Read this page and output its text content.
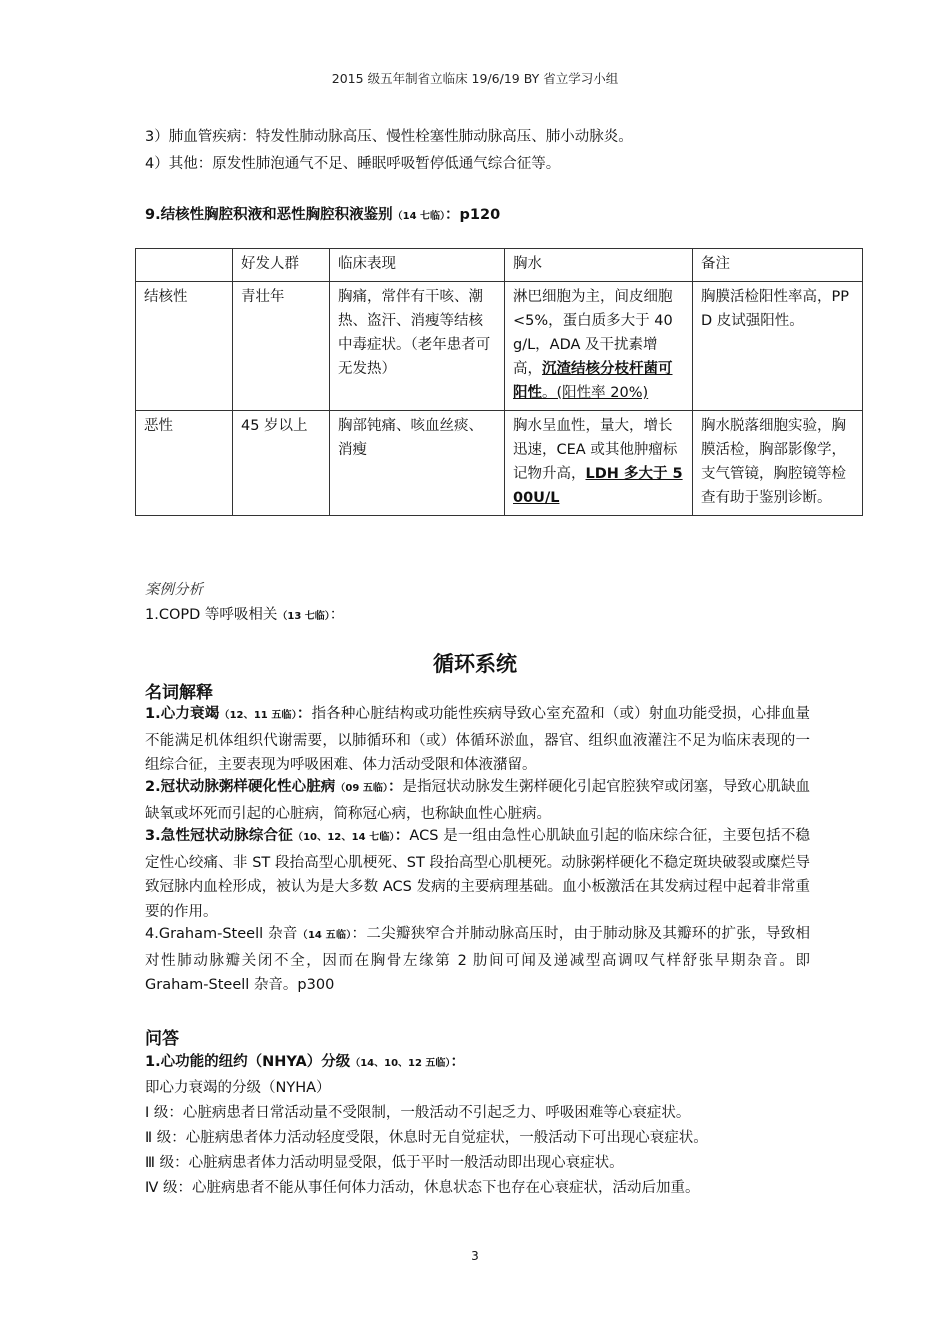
2015 级五年制省立临床 19/6/19 BY 省立学习小组
3）肺血管疾病：特发性肺动脉高压、慢性栓塞性肺动脉高压、肺小动脉炎。
4）其他：原发性肺泡通气不足、睡眠呼吸暂停低通气综合征等。
9.结核性胸腔积液和恶性胸腔积液鉴别（14 七临）：p120
	好发人群	临床表现	胸水	备注
结核性	青壮年	胸痛，常伴有干咳、潮热、盗汗、消瘦等结核中毒症状。（老年患者可无发热）	淋巴细胞为主，间皮细胞<5%，蛋白质多大于 40g/L，ADA 及干扰素增高，沉渣结核分枝杆菌可阳性。(阳性率 20%)	胸膜活检阳性率高，PPD 皮试强阳性。
恶性	45 岁以上	胸部钝痛、咳血丝痰、消瘦	胸水呈血性，量大，增长迅速，CEA 或其他肿瘤标记物升高，LDH 多大于 500U/L	胸水脱落细胞实验，胸膜活检，胸部影像学，支气管镜，胸腔镜等检查有助于鉴别诊断。
案例分析
1.COPD 等呼吸相关（13 七临）：
循环系统
名词解释
1.心力衰竭（12、11 五临）：指各种心脏结构或功能性疾病导致心室充盈和（或）射血功能受损，心排血量不能满足机体组织代谢需要，以肺循环和（或）体循环淤血，器官、组织血液灌注不足为临床表现的一组综合征，主要表现为呼吸困难、体力活动受限和体液潴留。
2.冠状动脉粥样硬化性心脏病（09 五临）：是指冠状动脉发生粥样硬化引起官腔狭窄或闭塞，导致心肌缺血缺氧或坏死而引起的心脏病，简称冠心病，也称缺血性心脏病。
3.急性冠状动脉综合征（10、12、14 七临）：ACS 是一组由急性心肌缺血引起的临床综合征，主要包括不稳定性心绞痛、非 ST 段抬高型心肌梗死、ST 段抬高型心肌梗死。动脉粥样硬化不稳定斑块破裂或糜烂导致冠脉内血栓形成，被认为是大多数 ACS 发病的主要病理基础。血小板激活在其发病过程中起着非常重要的作用。
4.Graham-Steell 杂音（14 五临）：二尖瓣狭窄合并肺动脉高压时，由于肺动脉及其瓣环的扩张，导致相对性肺动脉瓣关闭不全，因而在胸骨左缘第 2 肋间可闻及递减型高调叹气样舒张早期杂音。即 Graham-Steell 杂音。p300
问答
1.心功能的纽约（NHYA）分级（14、10、12 五临）：
即心力衰竭的分级（NYHA）
Ⅰ 级：心脏病患者日常活动量不受限制，一般活动不引起乏力、呼吸困难等心衰症状。
Ⅱ 级：心脏病患者体力活动轻度受限，休息时无自觉症状，一般活动下可出现心衰症状。
Ⅲ 级：心脏病患者体力活动明显受限，低于平时一般活动即出现心衰症状。
Ⅳ 级：心脏病患者不能从事任何体力活动，休息状态下也存在心衰症状，活动后加重。
3
